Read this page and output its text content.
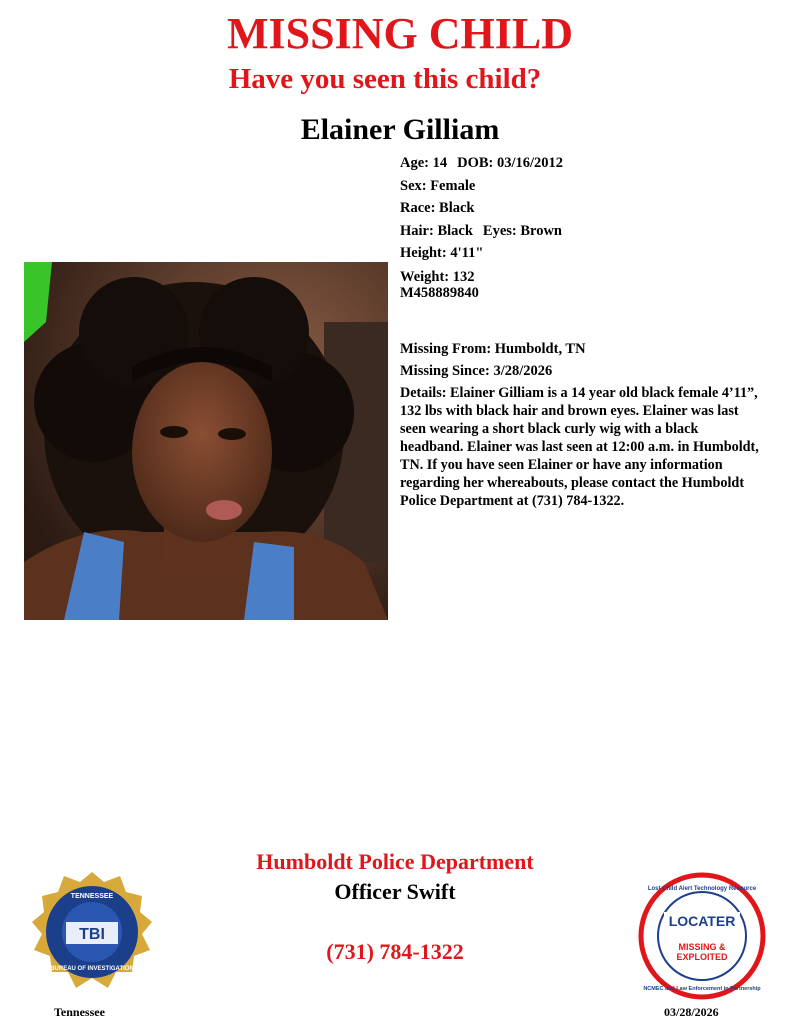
MISSING CHILD
Have you seen this child?
Elainer Gilliam
Age: 14 DOB: 03/16/2012
Sex: Female
Race: Black
Hair: Black Eyes: Brown
Height: 4'11"
Weight: 132
M458889840
Missing From: Humboldt, TN
Missing Since: 3/28/2026
Details: Elainer Gilliam is a 14 year old black female 4’11”, 132 lbs with black hair and brown eyes. Elainer was last seen wearing a short black curly wig with a black headband. Elainer was last seen at 12:00 a.m. in Humboldt, TN. If you have seen Elainer or have any information regarding her whereabouts, please contact the Humboldt Police Department at (731) 784-1322.
Humboldt Police Department
Officer Swift
(731) 784-1322
TBI
TENNESSEE
BUREAU OF INVESTIGATION
Lost Child Alert Technology Resource
LOCATER
MISSING &
EXPLOITED
NCMEC and Law Enforcement in Partnership
Tennessee	03/28/2026
